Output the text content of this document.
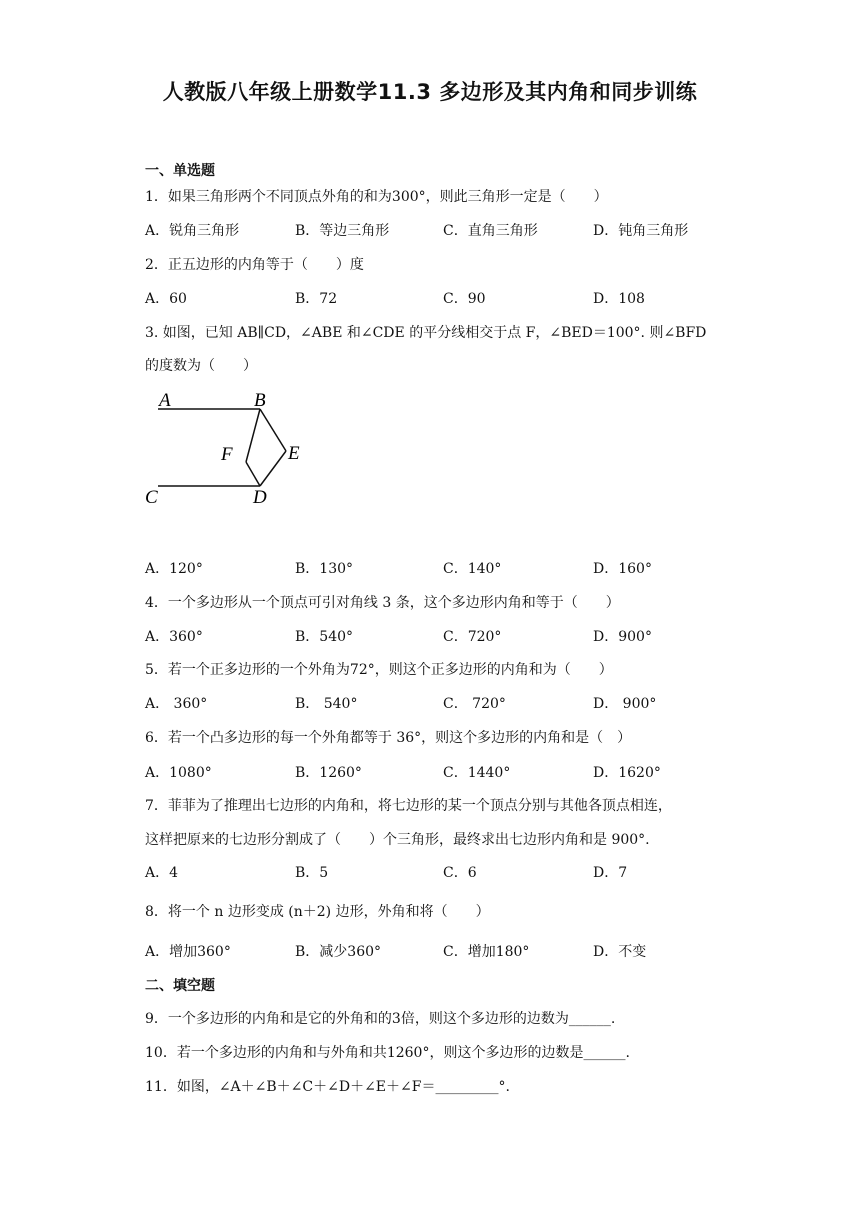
人教版八年级上册数学11.3 多边形及其内角和同步训练
一、单选题
1．如果三角形两个不同顶点外角的和为300°，则此三角形一定是（　　）
A．锐角三角形	B．等边三角形	C．直角三角形	D．钝角三角形
2．正五边形的内角等于（　　）度
A．60	B．72	C．90	D．108
3. 如图，已知 AB∥CD，∠ABE 和∠CDE 的平分线相交于点 F，∠BED＝100°. 则∠BFD
的度数为（　　）
A	B
F	E
C	D
A．120°	B．130°	C．140°	D．160°
4．一个多边形从一个顶点可引对角线 3 条，这个多边形内角和等于（　　）
A．360°	B．540°	C．720°	D．900°
5．若一个正多边形的一个外角为72°，则这个正多边形的内角和为（　　）
A． 360°	B． 540°	C． 720°	D． 900°
6．若一个凸多边形的每一个外角都等于 36°，则这个多边形的内角和是（　）
A．1080°	B．1260°	C．1440°	D．1620°
7．菲菲为了推理出七边形的内角和，将七边形的某一个顶点分别与其他各顶点相连，
这样把原来的七边形分割成了（　　）个三角形，最终求出七边形内角和是 900°.
A．4	B．5	C．6	D．7
8．将一个 n 边形变成 (n＋2) 边形，外角和将（　　）
A．增加360°	B．减少360°	C．增加180°	D．不变
二、填空题
9．一个多边形的内角和是它的外角和的3倍，则这个多边形的边数为______.
10．若一个多边形的内角和与外角和共1260°，则这个多边形的边数是______.
11．如图，∠A＋∠B＋∠C＋∠D＋∠E＋∠F＝_________°.
